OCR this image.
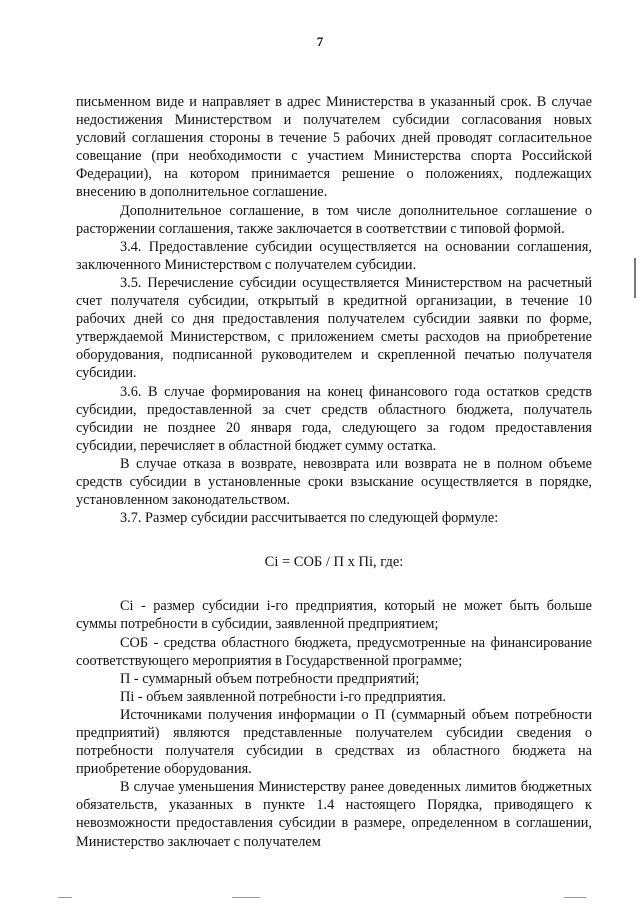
7

письменном виде и направляет в адрес Министерства в указанный срок. В случае недостижения Министерством и получателем субсидии согласования новых условий соглашения стороны в течение 5 рабочих дней проводят согласительное совещание (при необходимости с участием Министерства спорта Российской Федерации), на котором принимается решение о положениях, подлежащих внесению в дополнительное соглашение.

Дополнительное соглашение, в том числе дополнительное соглашение о расторжении соглашения, также заключается в соответствии с типовой формой.

3.4. Предоставление субсидии осуществляется на основании соглашения, заключенного Министерством с получателем субсидии.

3.5. Перечисление субсидии осуществляется Министерством на расчетный счет получателя субсидии, открытый в кредитной организации, в течение 10 рабочих дней со дня предоставления получателем субсидии заявки по форме, утверждаемой Министерством, с приложением сметы расходов на приобретение оборудования, подписанной руководителем и скрепленной печатью получателя субсидии.

3.6. В случае формирования на конец финансового года остатков средств субсидии, предоставленной за счет средств областного бюджета, получатель субсидии не позднее 20 января года, следующего за годом предоставления субсидии, перечисляет в областной бюджет сумму остатка.

В случае отказа в возврате, невозврата или возврата не в полном объеме средств субсидии в установленные сроки взыскание осуществляется в порядке, установленном законодательством.

3.7. Размер субсидии рассчитывается по следующей формуле:

Ci = СОБ / П x Пi, где:

Ci - размер субсидии i-го предприятия, который не может быть больше суммы потребности в субсидии, заявленной предприятием;

СОБ - средства областного бюджета, предусмотренные на финансирование соответствующего мероприятия в Государственной программе;

П - суммарный объем потребности предприятий;

Пi - объем заявленной потребности i-го предприятия.

Источниками получения информации о П (суммарный объем потребности предприятий) являются представленные получателем субсидии сведения о потребности получателя субсидии в средствах из областного бюджета на приобретение оборудования.

В случае уменьшения Министерству ранее доведенных лимитов бюджетных обязательств, указанных в пункте 1.4 настоящего Порядка, приводящего к невозможности предоставления субсидии в размере, определенном в соглашении, Министерство заключает с получателем
